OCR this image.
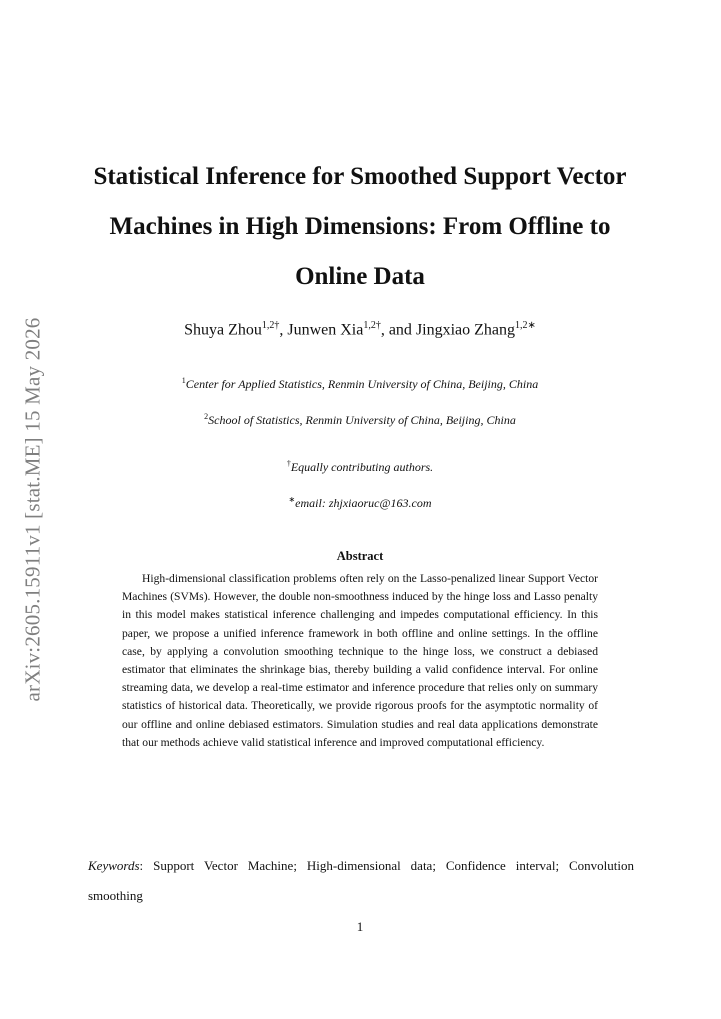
arXiv:2605.15911v1 [stat.ME] 15 May 2026
Statistical Inference for Smoothed Support Vector Machines in High Dimensions: From Offline to Online Data

Shuya Zhou$^{1,2\dagger}$, Junwen Xia$^{1,2\dagger}$, and Jingxiao Zhang$^{1,2∗}$

$^1$Center for Applied Statistics, Renmin University of China, Beijing, China

$^2$School of Statistics, Renmin University of China, Beijing, China

†Equally contributing authors.

∗email: zhjxiaoruc@163.com

Abstract

High-dimensional classification problems often rely on the Lasso-penalized linear Support Vector Machines (SVMs). However, the double non-smoothness induced by the hinge loss and Lasso penalty in this model makes statistical inference challenging and impedes computational efficiency. In this paper, we propose a unified inference framework in both offline and online settings. In the offline case, by applying a convolution smoothing technique to the hinge loss, we construct a debiased estimator that eliminates the shrinkage bias, thereby building a valid confidence interval. For online streaming data, we develop a real-time estimator and inference procedure that relies only on summary statistics of historical data. Theoretically, we provide rigorous proofs for the asymptotic normality of our offline and online debiased estimators. Simulation studies and real data applications demonstrate that our methods achieve valid statistical inference and improved computational efficiency.

Keywords: Support Vector Machine; High-dimensional data; Confidence interval; Convolution smoothing

1
